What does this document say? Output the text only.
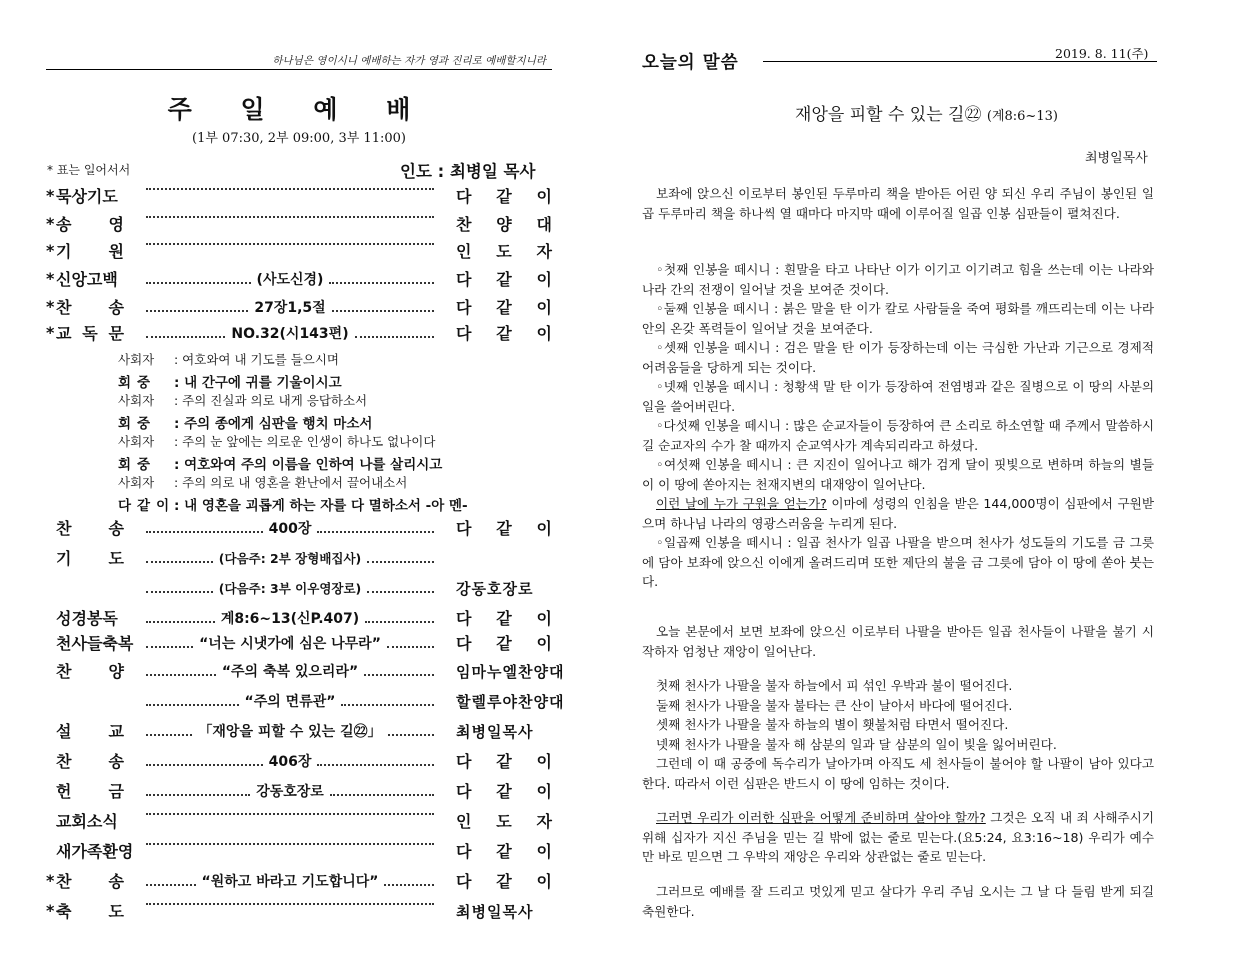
하나님은 영이시니 예배하는 자가 영과 진리로 예배할지니라
주 일 예 배
(1부 07:30, 2부 09:00, 3부 11:00)
* 표는 일어서서	인도 : 최병일 목사
* 묵상기도	다 같 이
* 송 영	찬 양 대
* 기 원	인 도 자
* 신앙고백	(사도신경)	다 같 이
* 찬 송	27장1,5절	다 같 이
* 교 독 문	NO.32(시143편)	다 같 이
찬 송	400장	다 같 이
기 도	(다음주: 2부 장형배집사)
(다음주: 3부 이우영장로)	강동호장로
성경봉독	계8:6~13(신P.407)	다 같 이
천사들축복	“너는 시냇가에 심은 나무라”	다 같 이
찬 양	“주의 축복 있으리라”	임마누엘찬양대
“주의 면류관”	할렐루야찬양대
설 교	「재앙을 피할 수 있는 길㉒」	최병일목사
찬 송	406장	다 같 이
헌 금	강동호장로	다 같 이
교회소식	인 도 자
새가족환영	다 같 이
* 찬 송	“원하고 바라고 기도합니다”	다 같 이
* 축 도	최병일목사
사회자 : 여호와여 내 기도를 들으시며
회중 : 내 간구에 귀를 기울이시고
사회자 : 주의 진실과 의로 내게 응답하소서
회중 : 주의 종에게 심판을 행치 마소서
사회자 : 주의 눈 앞에는 의로운 인생이 하나도 없나이다
회중 : 여호와여 주의 이름을 인하여 나를 살리시고
사회자 : 주의 의로 내 영혼을 환난에서 끌어내소서
다같이: 내 영혼을 괴롭게 하는 자를 다 멸하소서 -아 멘-
오늘의 말씀	2019. 8. 11(주)
재앙을 피할 수 있는 길㉒ (계8:6~13)
최병일목사

보좌에 앉으신 이로부터 봉인된 두루마리 책을 받아든 어린 양 되신 우리 주님이 봉인된 일곱 두루마리 책을 하나씩 열 때마다 마지막 때에 이루어질 일곱 인봉 심판들이 펼쳐진다.

◦첫째 인봉을 떼시니 : 흰말을 타고 나타난 이가 이기고 이기려고 힘을 쓰는데 이는 나라와 나라 간의 전쟁이 일어날 것을 보여준 것이다.

◦둘째 인봉을 떼시니 : 붉은 말을 탄 이가 칼로 사람들을 죽여 평화를 깨뜨리는데 이는 나라 안의 온갖 폭력들이 일어날 것을 보여준다.

◦셋째 인봉을 떼시니 : 검은 말을 탄 이가 등장하는데 이는 극심한 가난과 기근으로 경제적 어려움들을 당하게 되는 것이다.

◦넷째 인봉을 떼시니 : 청황색 말 탄 이가 등장하여 전염병과 같은 질병으로 이 땅의 사분의 일을 쓸어버린다.

◦다섯째 인봉을 떼시니 : 많은 순교자들이 등장하여 큰 소리로 하소연할 때 주께서 말씀하시길 순교자의 수가 찰 때까지 순교역사가 계속되리라고 하셨다.

◦여섯째 인봉을 떼시니 : 큰 지진이 일어나고 해가 검게 달이 핏빛으로 변하며 하늘의 별들이 이 땅에 쏟아지는 천재지변의 대재앙이 일어난다.

이런 날에 누가 구원을 얻는가? 이마에 성령의 인침을 받은 144,000명이 심판에서 구원받으며 하나님 나라의 영광스러움을 누리게 된다.

◦일곱째 인봉을 떼시니 : 일곱 천사가 일곱 나팔을 받으며 천사가 성도들의 기도를 금 그릇에 담아 보좌에 앉으신 이에게 올려드리며 또한 제단의 불을 금 그릇에 담아 이 땅에 쏟아 붓는다.

오늘 본문에서 보면 보좌에 앉으신 이로부터 나팔을 받아든 일곱 천사들이 나팔을 불기 시작하자 엄청난 재앙이 일어난다.

첫째 천사가 나팔을 불자 하늘에서 피 섞인 우박과 불이 떨어진다.

둘째 천사가 나팔을 불자 불타는 큰 산이 날아서 바다에 떨어진다.

셋째 천사가 나팔을 불자 하늘의 별이 횃불처럼 타면서 떨어진다.

넷째 천사가 나팔을 불자 해 삼분의 일과 달 삼분의 일이 빛을 잃어버린다.

그런데 이 때 공중에 독수리가 날아가며 아직도 세 천사들이 불어야 할 나팔이 남아 있다고 한다. 따라서 이런 심판은 반드시 이 땅에 임하는 것이다.

그러면 우리가 이러한 심판을 어떻게 준비하며 살아야 할까? 그것은 오직 내 죄 사해주시기 위해 십자가 지신 주님을 믿는 길 밖에 없는 줄로 믿는다.(요5:24, 요3:16~18) 우리가 예수만 바로 믿으면 그 우박의 재앙은 우리와 상관없는 줄로 믿는다.

그러므로 예배를 잘 드리고 멋있게 믿고 살다가 우리 주님 오시는 그 날 다 들림 받게 되길 축원한다.
